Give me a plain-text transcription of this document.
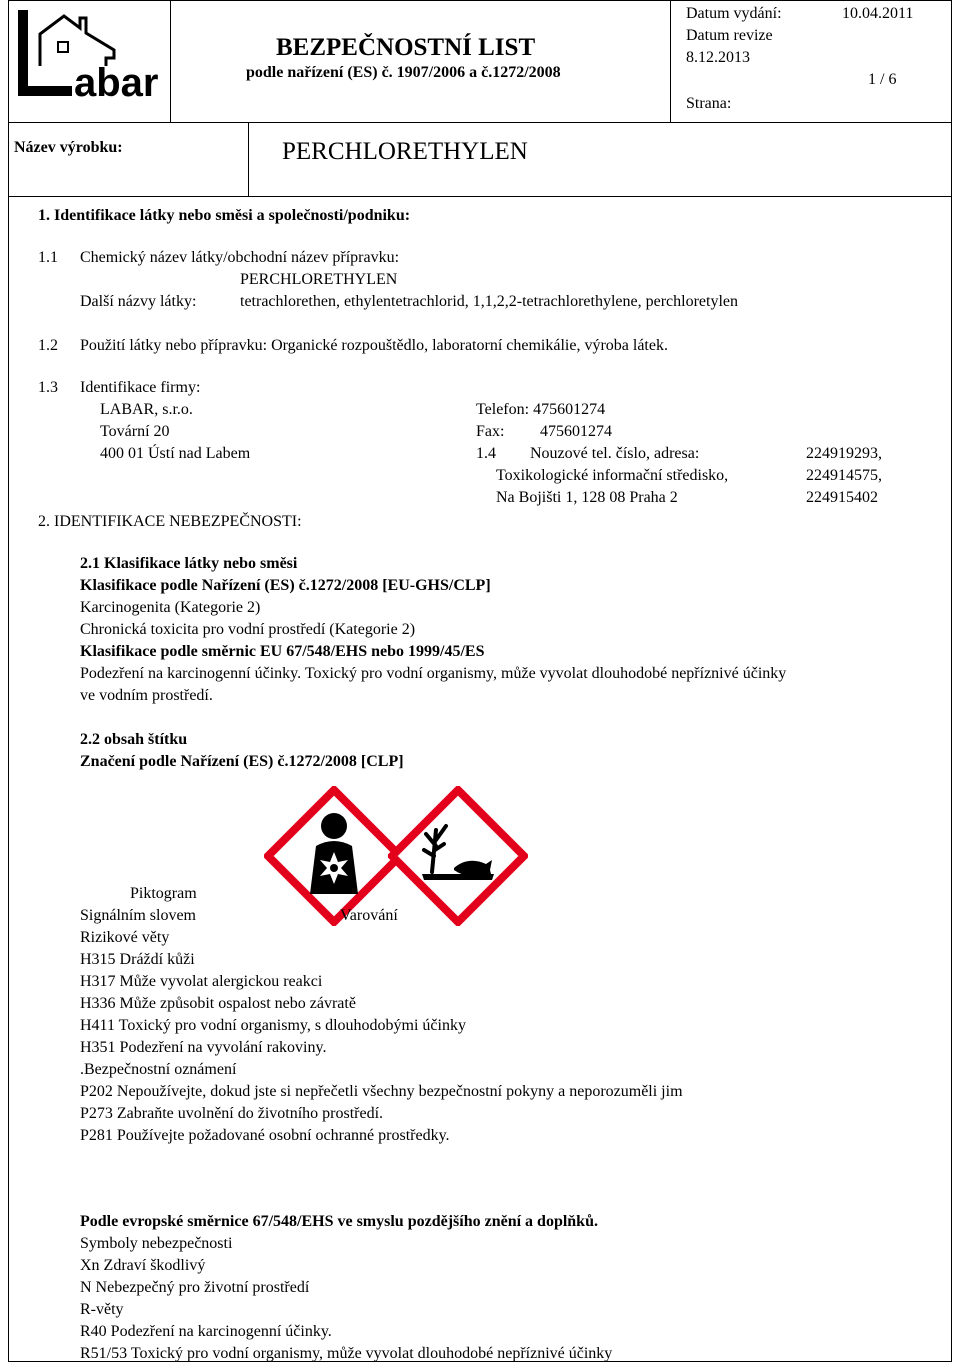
abar
BEZPEČNOSTNÍ LIST
podle nařízení (ES) č. 1907/2006 a č.1272/2008
Datum vydání:	10.04.2011
Datum revize
8.12.2013
1 / 6
Strana:
Název výrobku:	PERCHLORETHYLEN
1. Identifikace látky nebo směsi a společnosti/podniku:
1.1 Chemický název látky/obchodní název přípravku:
PERCHLORETHYLEN
Další názvy látky:	tetrachlorethen, ethylentetrachlorid, 1,1,2,2-tetrachlorethylene, perchloretylen
1.2 Použití látky nebo přípravku: Organické rozpouštědlo, laboratorní chemikálie, výroba látek.
1.3 Identifikace firmy:
LABAR, s.r.o.
Tovární 20
400 01 Ústí nad Labem
Telefon: 475601274
Fax: 475601274
1.4 Nouzové tel. číslo, adresa:
Toxikologické informační středisko,
Na Bojišti 1, 128 08 Praha 2
224919293,
224914575,
224915402
2. IDENTIFIKACE NEBEZPEČNOSTI:
2.1 Klasifikace látky nebo směsi
Klasifikace podle Nařízení (ES) č.1272/2008 [EU-GHS/CLP]
Karcinogenita (Kategorie 2)
Chronická toxicita pro vodní prostředí (Kategorie 2)
Klasifikace podle směrnic EU 67/548/EHS nebo 1999/45/ES
Podezření na karcinogenní účinky. Toxický pro vodní organismy, může vyvolat dlouhodobé nepříznivé účinky
ve vodním prostředí.
2.2 obsah štítku
Značení podle Nařízení (ES) č.1272/2008 [CLP]
Piktogram
Signálním slovem	Varování
Rizikové věty
H315 Dráždí kůži
H317 Může vyvolat alergickou reakci
H336 Může způsobit ospalost nebo závratě
H411 Toxický pro vodní organismy, s dlouhodobými účinky
H351 Podezření na vyvolání rakoviny.
.Bezpečnostní oznámení
P202 Nepoužívejte, dokud jste si nepřečetli všechny bezpečnostní pokyny a neporozuměli jim
P273 Zabraňte uvolnění do životního prostředí.
P281 Používejte požadované osobní ochranné prostředky.
Podle evropské směrnice 67/548/EHS ve smyslu pozdějšího znění a doplňků.
Symboly nebezpečnosti
Xn Zdraví škodlivý
N Nebezpečný pro životní prostředí
R-věty
R40 Podezření na karcinogenní účinky.
R51/53 Toxický pro vodní organismy, může vyvolat dlouhodobé nepříznivé účinky
